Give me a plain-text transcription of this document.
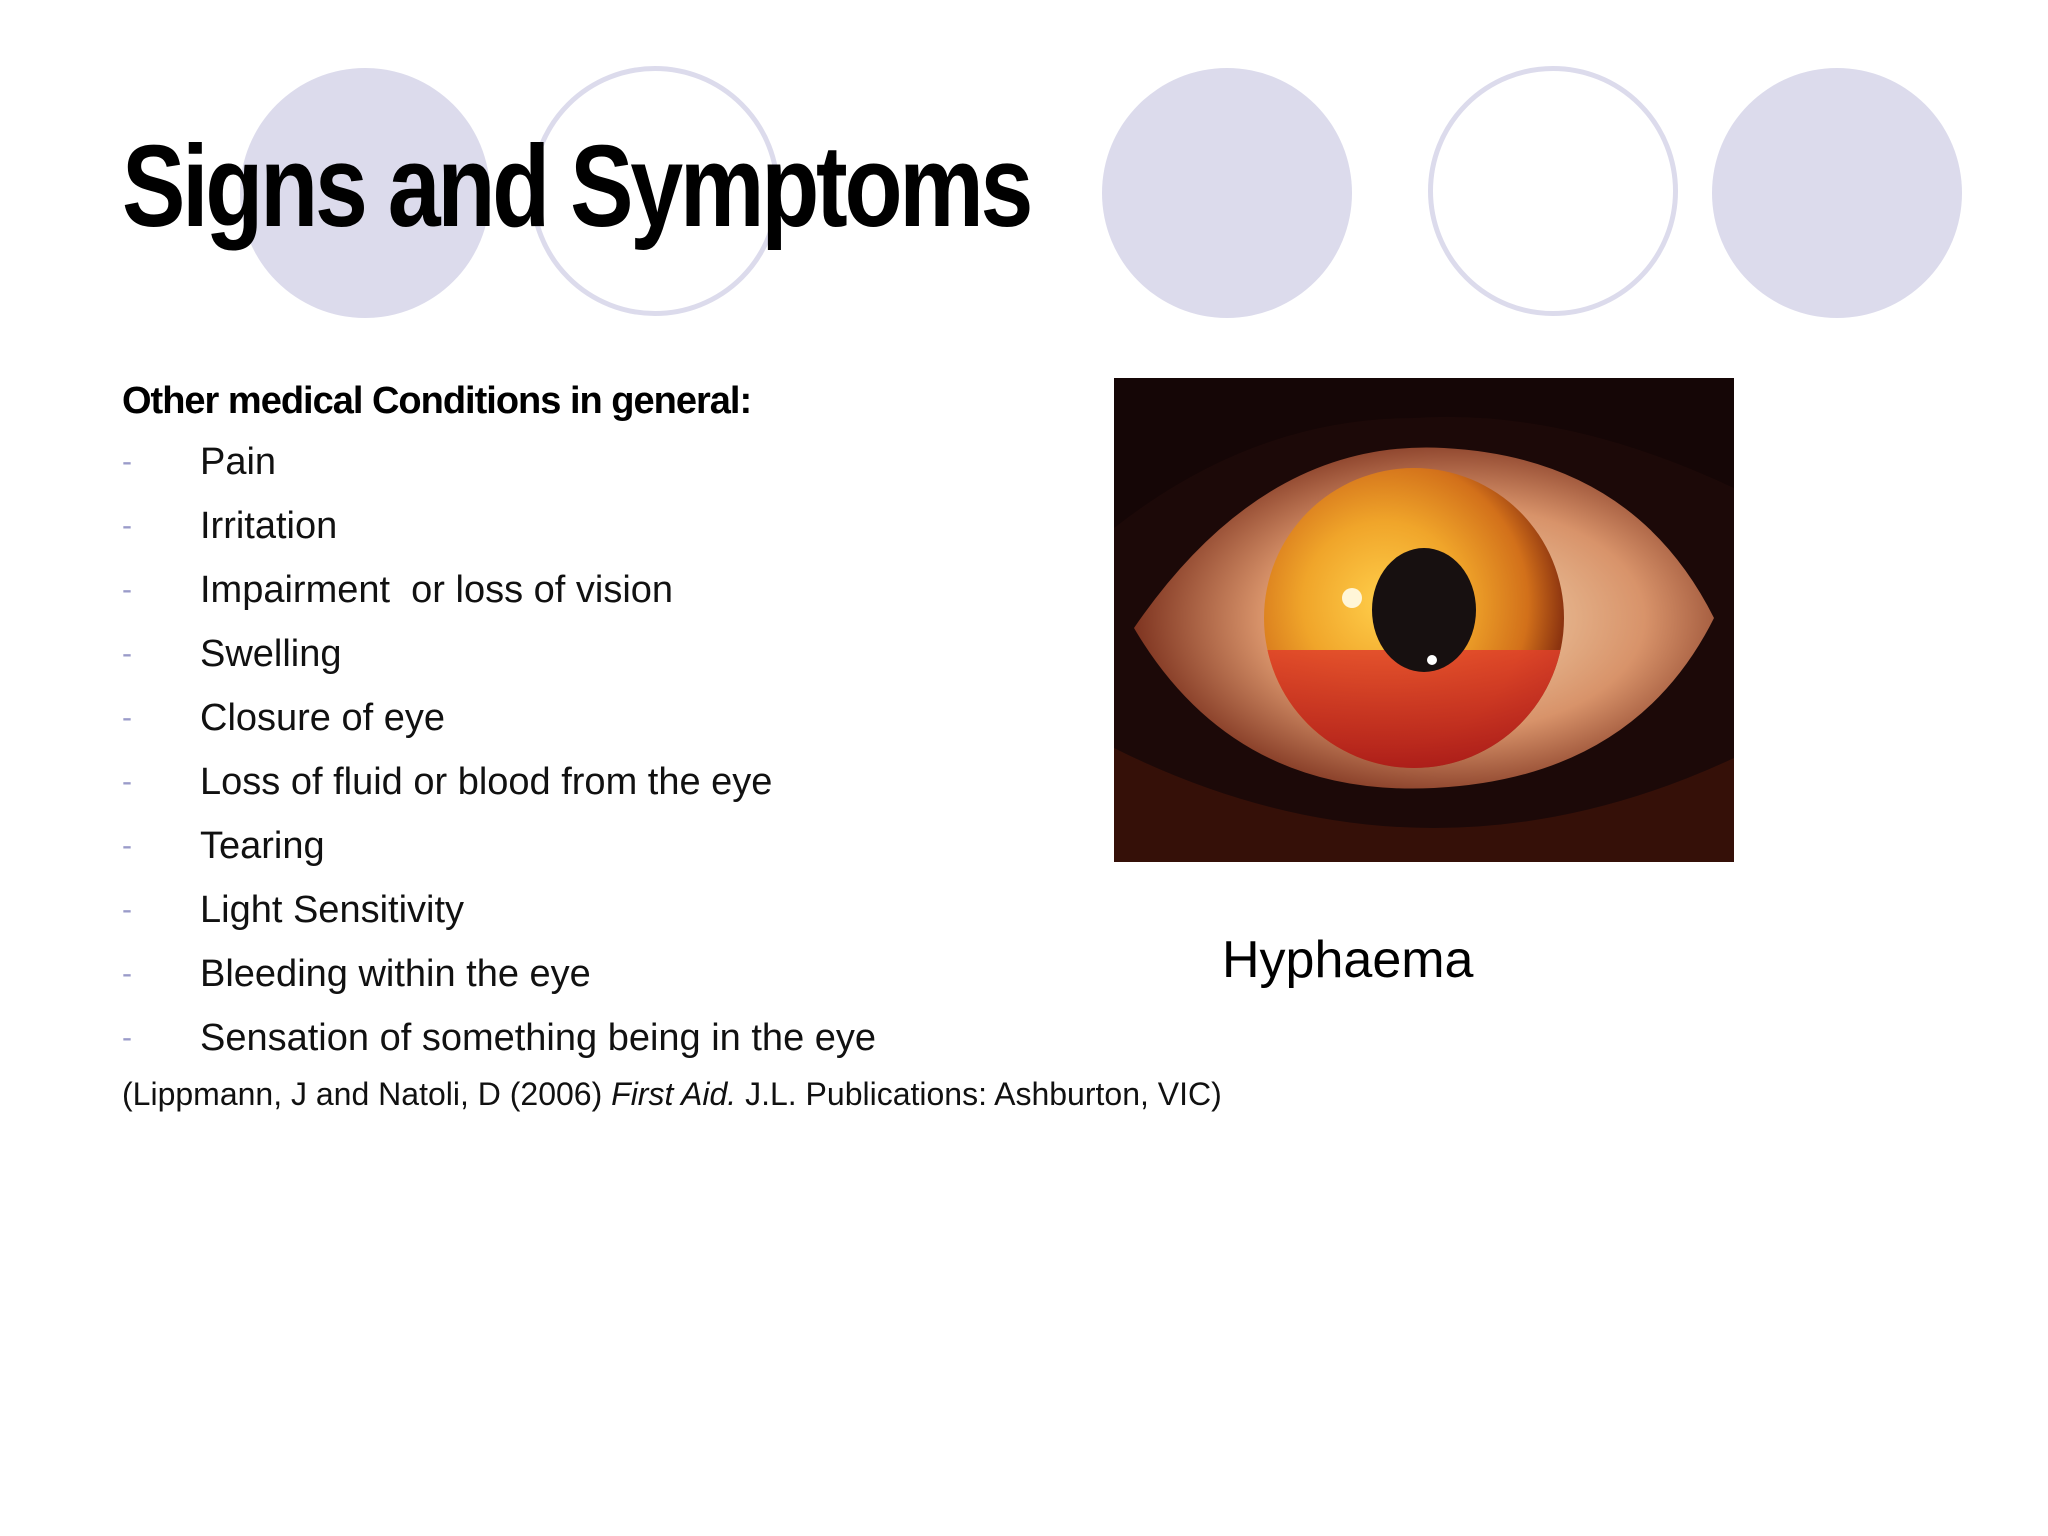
Signs and Symptoms

Other medical Conditions in general:

- Pain
- Irritation
- Impairment  or loss of vision
- Swelling
- Closure of eye
- Loss of fluid or blood from the eye
- Tearing
- Light Sensitivity
- Bleeding within the eye
- Sensation of something being in the eye
(Lippmann, J and Natoli, D (2006) First Aid. J.L. Publications: Ashburton, VIC)
Hyphaema
